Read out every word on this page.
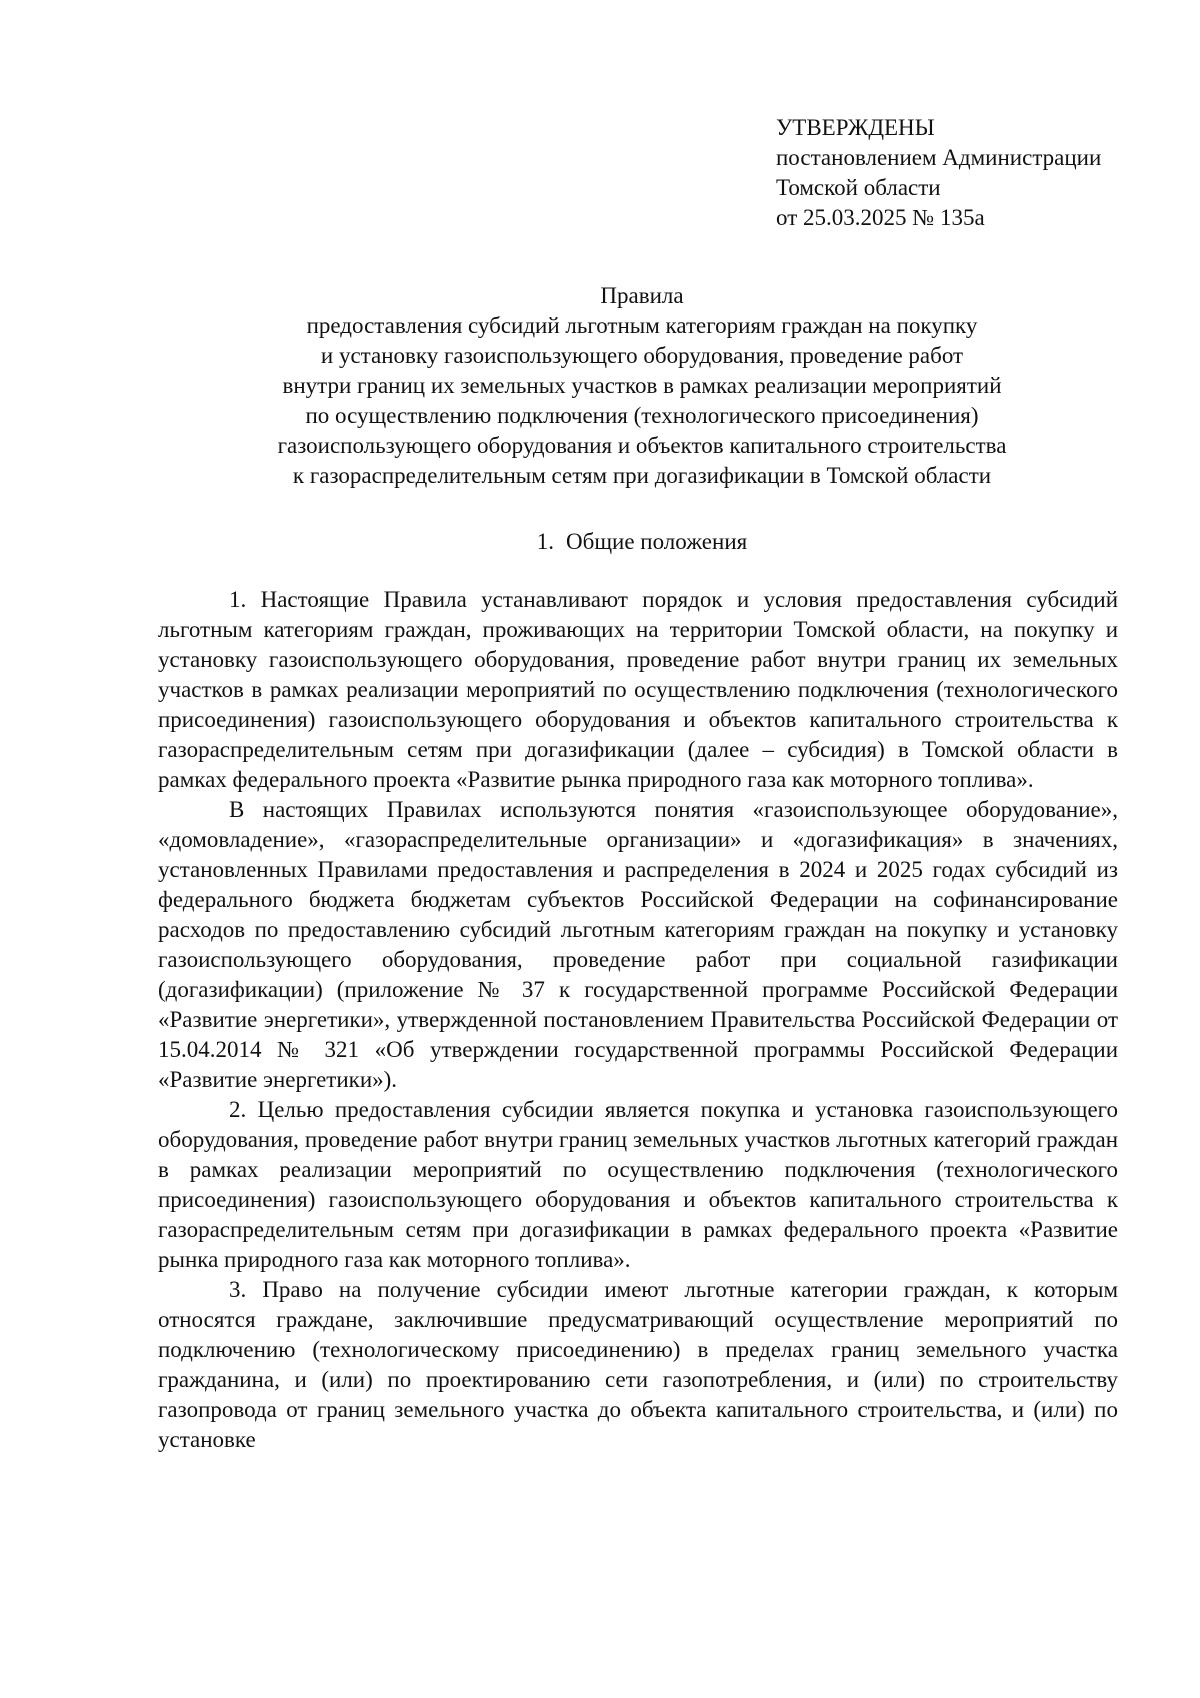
УТВЕРЖДЕНЫ
постановлением Администрации
Томской области
от 25.03.2025 № 135а
Правила
предоставления субсидий льготным категориям граждан на покупку
и установку газоиспользующего оборудования, проведение работ
внутри границ их земельных участков в рамках реализации мероприятий
по осуществлению подключения (технологического присоединения)
газоиспользующего оборудования и объектов капитального строительства
к газораспределительным сетям при догазификации в Томской области
1. Общие положения

1. Настоящие Правила устанавливают порядок и условия предоставления субсидий льготным категориям граждан, проживающих на территории Томской области, на покупку и установку газоиспользующего оборудования, проведение работ внутри границ их земельных участков в рамках реализации мероприятий по осуществлению подключения (технологического присоединения) газоиспользующего оборудования и объектов капитального строительства к газораспределительным сетям при догазификации (далее – субсидия) в Томской области в рамках федерального проекта «Развитие рынка природного газа как моторного топлива».

В настоящих Правилах используются понятия «газоиспользующее оборудование», «домовладение», «газораспределительные организации» и «догазификация» в значениях, установленных Правилами предоставления и распределения в 2024 и 2025 годах субсидий из федерального бюджета бюджетам субъектов Российской Федерации на софинансирование расходов по предоставлению субсидий льготным категориям граждан на покупку и установку газоиспользующего оборудования, проведение работ при социальной газификации (догазификации) (приложение № 37 к государственной программе Российской Федерации «Развитие энергетики», утвержденной постановлением Правительства Российской Федерации от 15.04.2014 № 321 «Об утверждении государственной программы Российской Федерации «Развитие энергетики»).

2. Целью предоставления субсидии является покупка и установка газоиспользующего оборудования, проведение работ внутри границ земельных участков льготных категорий граждан в рамках реализации мероприятий по осуществлению подключения (технологического присоединения) газоиспользующего оборудования и объектов капитального строительства к газораспределительным сетям при догазификации в рамках федерального проекта «Развитие рынка природного газа как моторного топлива».

3. Право на получение субсидии имеют льготные категории граждан, к которым относятся граждане, заключившие предусматривающий осуществление мероприятий по подключению (технологическому присоединению) в пределах границ земельного участка гражданина, и (или) по проектированию сети газопотребления, и (или) по строительству газопровода от границ земельного участка до объекта капитального строительства, и (или) по установке
